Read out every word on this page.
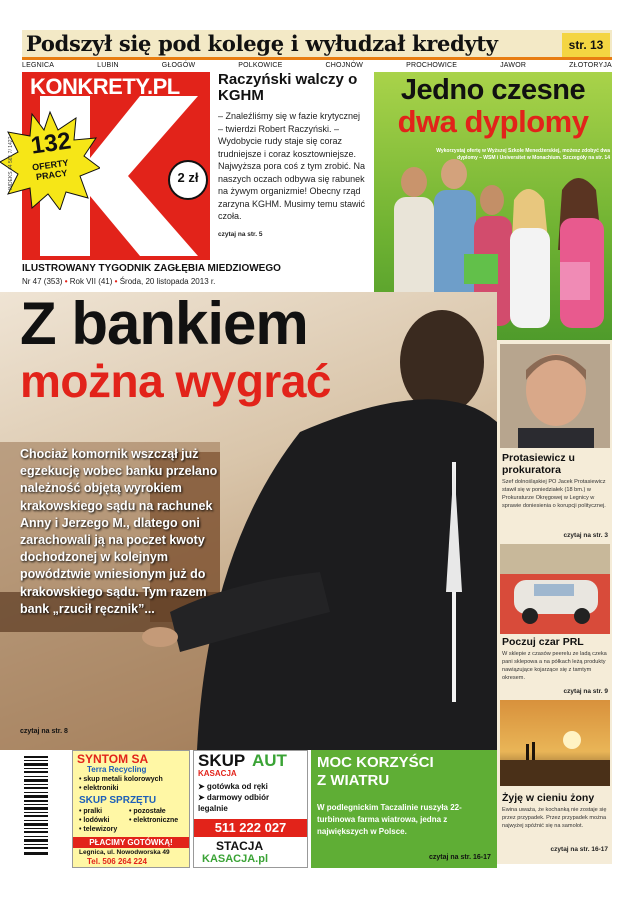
Podszył się pod kolegę i wyłudzał kredyty	str. 13
LEGNICA	LUBIN	GŁOGÓW	POLKOWICE	CHOJNÓW	PROCHOWICE	JAWOR	ZŁOTORYJA
KONKRETY.PL
2 zł
132
OFERTY PRACY
INDEKS 44 561 7/ 1427
Raczyński walczy o KGHM
– Znaleźliśmy się w fazie krytycznej – twierdzi Robert Raczyński. – Wydobycie rudy staje się coraz trudniejsze i coraz kosztowniejsze. Najwyższa pora coś z tym zrobić. Na naszych oczach odbywa się rabunek na żywym organizmie! Obecny rząd zarzyna KGHM. Musimy temu stawić czoła.
czytaj na str. 5
Jedno czesne
dwa dyplomy
Wykorzystaj ofertę w Wyższej Szkole Menedżerskiej, możesz zdobyć dwa dyplomy – WSM i Universitet w Monachium. Szczegóły na str. 14
ILUSTROWANY TYGODNIK ZAGŁĘBIA MIEDZIOWEGO
Nr 47 (353) • Rok VII (41) • Środa, 20 listopada 2013 r.
Z bankiem
można wygrać
Chociaż komornik wszczął już egzekucję wobec banku przelano należność objętą wyrokiem krakowskiego sądu na rachunek Anny i Jerzego M., dlatego oni zarachowali ją na poczet kwoty dochodzonej w kolejnym powództwie wniesionym już do krakowskiego sądu. Tym razem bank „rzucił ręcznik”...
czytaj na str. 8
Protasiewicz u prokuratora
Szef dolnośląskiej PO Jacek Protasiewicz stawił się w poniedziałek (18 bm.) w Prokuraturze Okręgowej w Legnicy w sprawie doniesienia o korupcji politycznej.
czytaj na str. 3
Poczuj czar PRL
W sklepie z czasów peerelu ze ladą czeka pani sklepowa a na półkach leżą produkty nawiązujące kojarzące się z tamtym okresem.
czytaj na str. 9
Żyję w cieniu żony
Ewina uważa, że kochanką nie zostaje się przez przypadek. Przez przypadek można najwyżej spóźnić się na samolot.
czytaj na str. 16-17
SYNTOM SA
Terra Recycling
• skup metali kolorowych
• elektroniki
SKUP SPRZĘTU
• pralki	• pozostałe
• lodówki	• elektroniczne
• telewizory
PŁACIMY GOTÓWKĄ!
Legnica, ul. Nowodworska 49
Tel. 506 264 224
SKUP AUT
KASACJA
➤ gotówka od ręki
➤ darmowy odbiór
legalnie
511 222 027
STACJA
KASACJA.pl
MOC KORZYŚCI
Z WIATRU
W podlegnickim Taczalinie ruszyła 22-turbinowa farma wiatrowa, jedna z największych w Polsce.
czytaj na str. 16-17
